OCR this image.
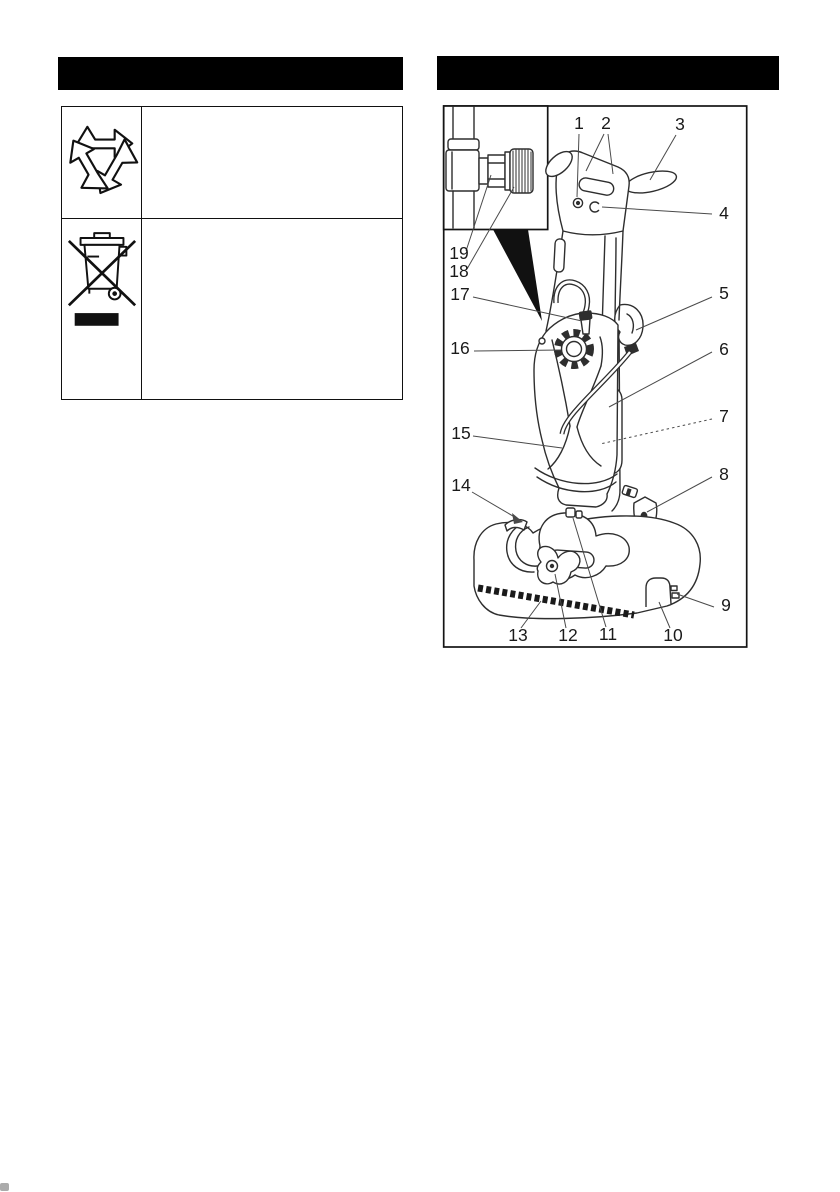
1 2	3
4
5
6
7
8
9
10
11
12
13
14
15
16
17
18
19
